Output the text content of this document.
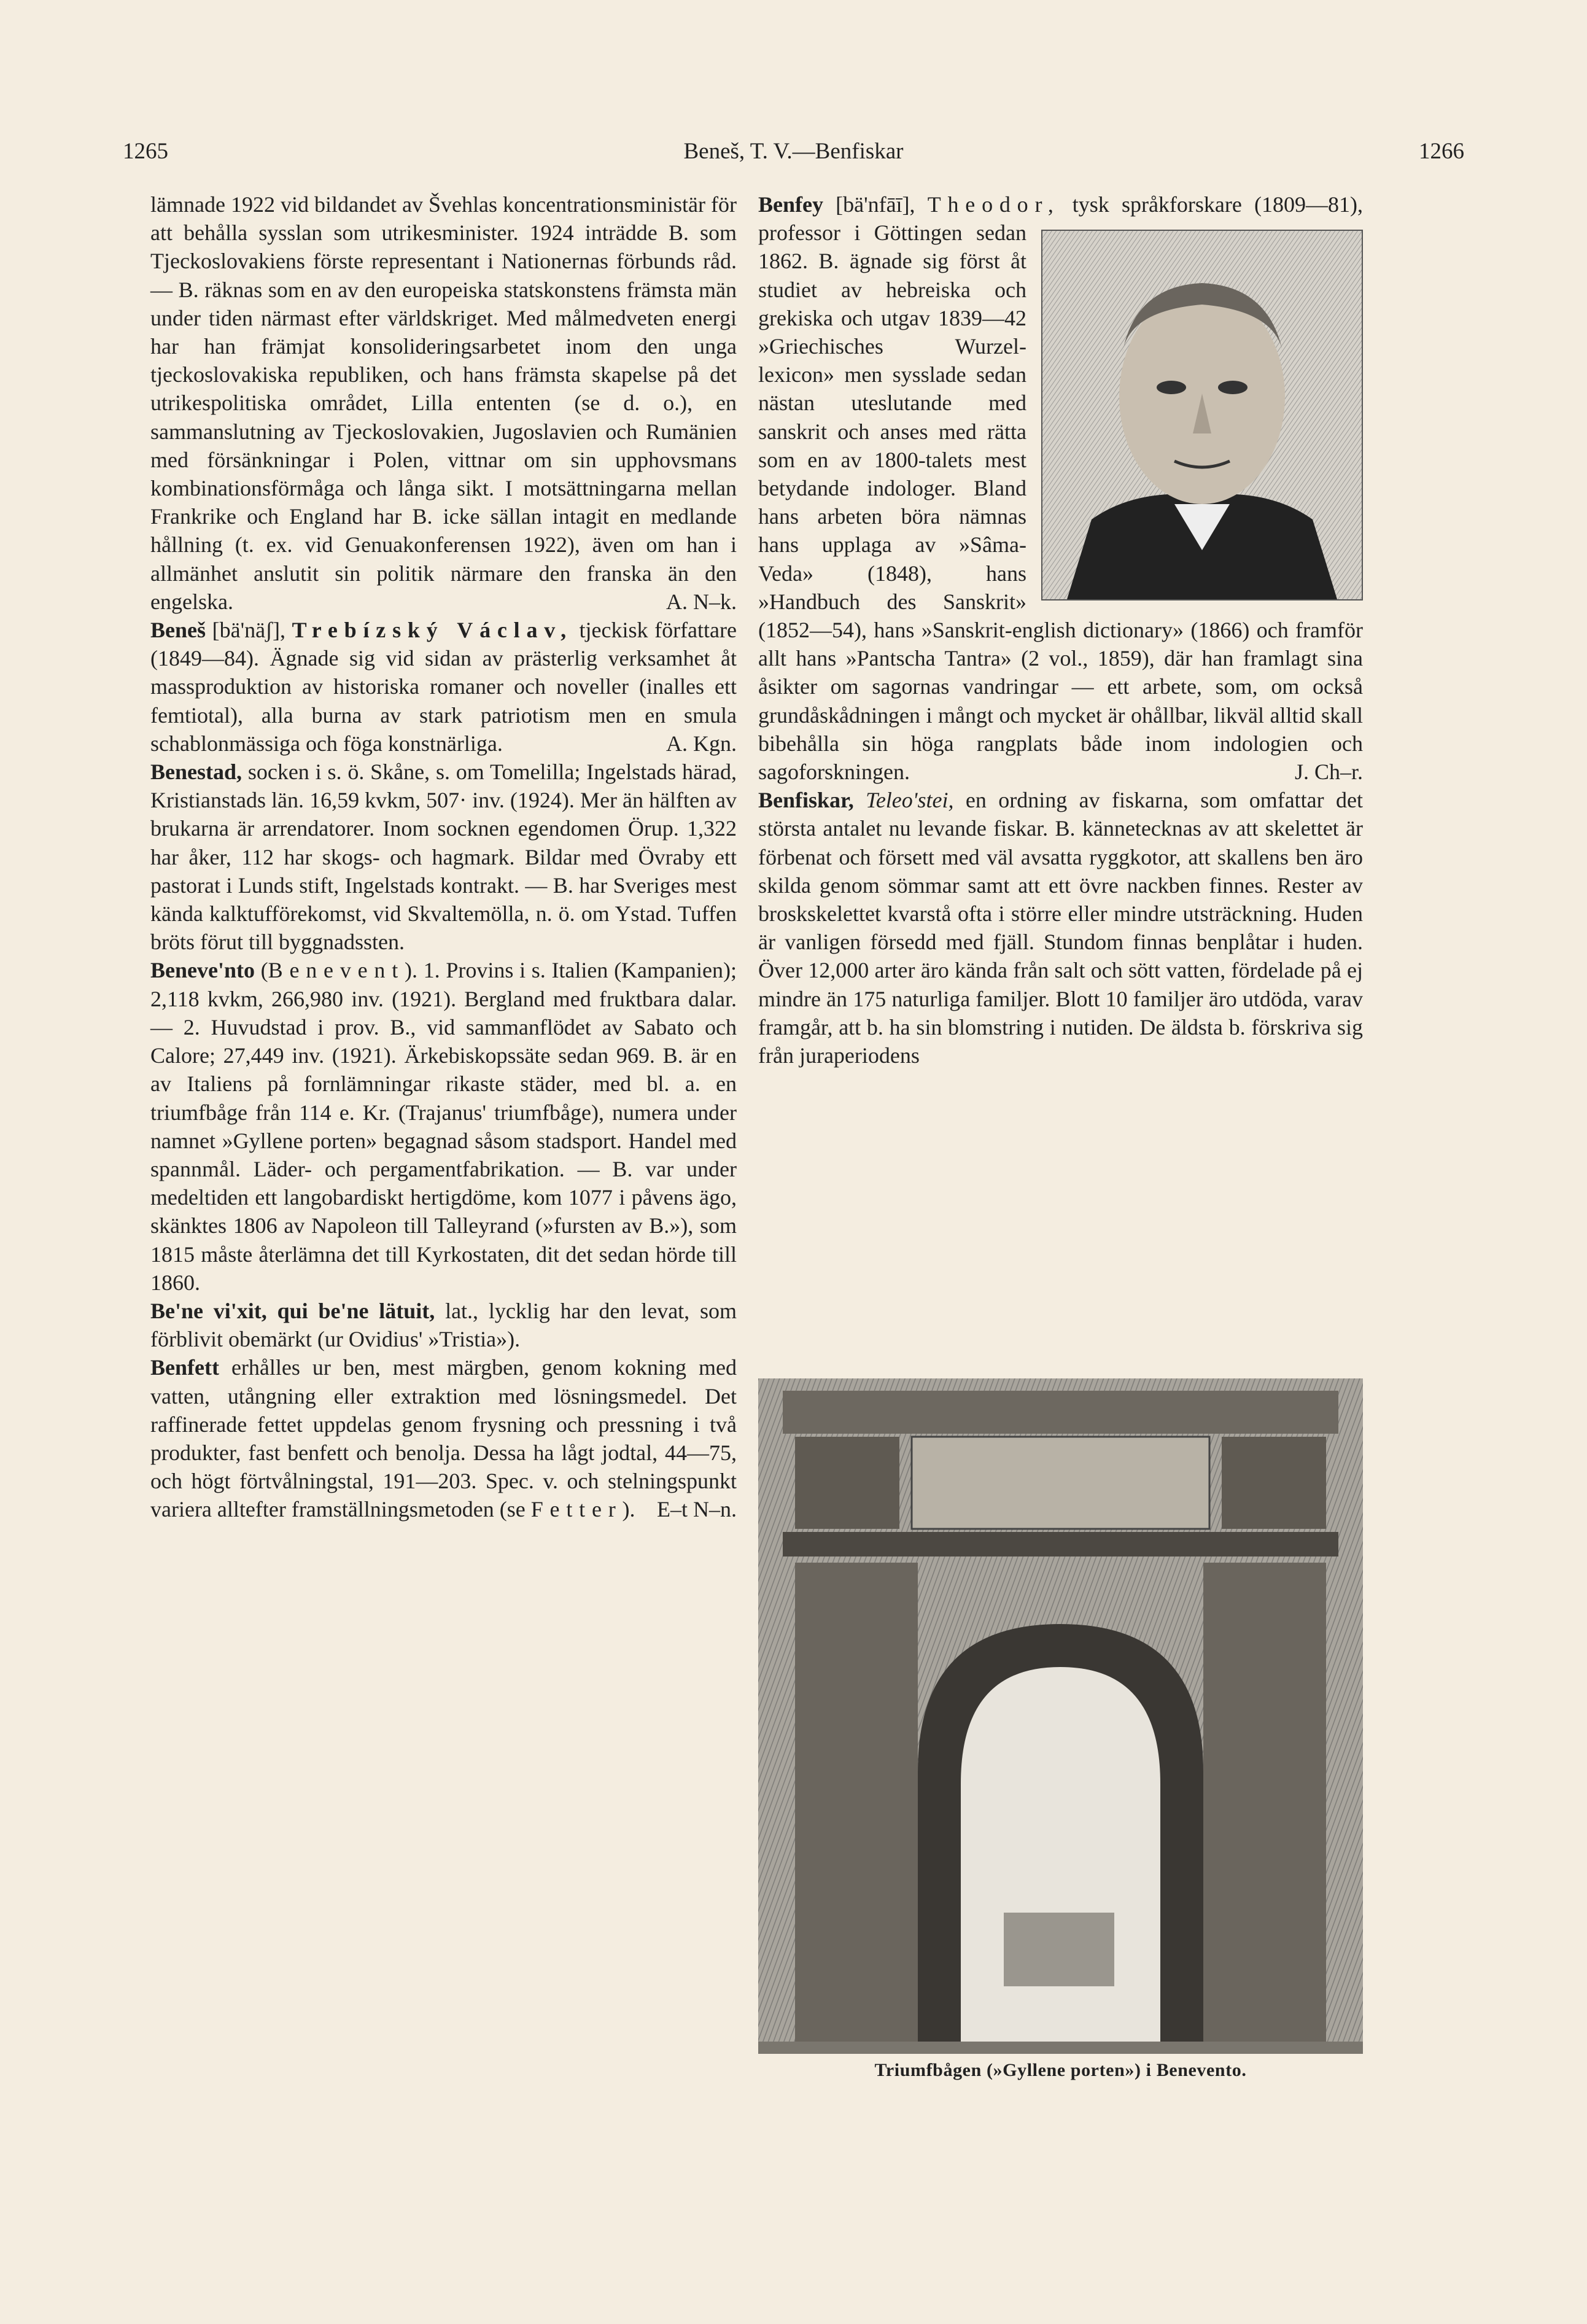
1265	Beneš, T. V.—Benfiskar	1266

lämnade 1922 vid bildandet av Švehlas koncentrationsministär för att behålla sysslan som utrikesminister. 1924 inträdde B. som Tjeckoslovakiens förste representant i Nationernas förbunds råd. — B. räknas som en av den europeiska statskonstens främsta män under tiden närmast efter världskriget. Med målmedveten energi har han främjat konsolideringsarbetet inom den unga tjeckoslovakiska republiken, och hans främsta skapelse på det utrikespolitiska området, Lilla ententen (se d. o.), en sammanslutning av Tjeckoslovakien, Jugoslavien och Rumänien med försänkningar i Polen, vittnar om sin upphovsmans kombinationsförmåga och långa sikt. I motsättningarna mellan Frankrike och England har B. icke sällan intagit en medlande hållning (t. ex. vid Genuakonferensen 1922), även om han i allmänhet anslutit sin politik närmare den franska än den engelska.	A. N–k.

Beneš [bä'näʃ], Trebízský Václav, tjeckisk författare (1849—84). Ägnade sig vid sidan av prästerlig verksamhet åt massproduktion av historiska romaner och noveller (inalles ett femtiotal), alla burna av stark patriotism men en smula schablonmässiga och föga konstnärliga.	A. Kgn.

Benestad, socken i s. ö. Skåne, s. om Tomelilla; Ingelstads härad, Kristianstads län. 16,59 kvkm, 507· inv. (1924). Mer än hälften av brukarna är arrendatorer. Inom socknen egendomen Örup. 1,322 har åker, 112 har skogs- och hagmark. Bildar med Övraby ett pastorat i Lunds stift, Ingelstads kontrakt. — B. har Sveriges mest kända kalktufförekomst, vid Skvaltemölla, n. ö. om Ystad. Tuffen bröts förut till byggnadssten.

Beneve'nto (Benevent). 1. Provins i s. Italien (Kampanien); 2,118 kvkm, 266,980 inv. (1921). Bergland med fruktbara dalar. — 2. Huvudstad i prov. B., vid sammanflödet av Sabato och Calore; 27,449 inv. (1921). Ärkebiskopssäte sedan 969. B. är en av Italiens på fornlämningar rikaste städer, med bl. a. en triumfbåge från 114 e. Kr. (Trajanus' triumfbåge), numera under namnet »Gyllene porten» begagnad såsom stadsport. Handel med spannmål. Läder- och pergamentfabrikation. — B. var under medeltiden ett langobardiskt hertigdöme, kom 1077 i påvens ägo, skänktes 1806 av Napoleon till Talleyrand (»fursten av B.»), som 1815 måste återlämna det till Kyrkostaten, dit det sedan hörde till 1860.

Be'ne vi'xit, qui be'ne lätuit, lat., lycklig har den levat, som förblivit obemärkt (ur Ovidius' »Tristia»).

Benfett erhålles ur ben, mest märgben, genom kokning med vatten, utångning eller extraktion med lösningsmedel. Det raffinerade fettet uppdelas genom frysning och pressning i två produkter, fast benfett och benolja. Dessa ha lågt jodtal, 44—75, och högt förtvålningstal, 191—203. Spec. v. och stelningspunkt variera alltefter framställningsmetoden (se Fetter). E–t N–n.

Benfey [bä'nfāī], Theodor,
tysk språkforskare (1809—81), professor i Göttingen sedan 1862. B. ägnade sig först åt studiet av hebreiska och grekiska och utgav 1839—42 »Griechisches Wurzel-lexicon» men sysslade sedan nästan uteslutande med sanskrit och anses med rätta som en av 1800-talets mest betydande indologer. Bland hans arbeten böra nämnas hans upplaga av »Sâma-Veda» (1848), hans »Handbuch des Sanskrit» (1852—54), hans »Sanskrit-english dictionary» (1866) och framför allt hans »Pantscha Tantra» (2 vol., 1859), där han framlagt sina åsikter om sagornas vandringar — ett arbete, som, om också grundåskådningen i mångt och mycket är ohållbar, likväl alltid skall bibehålla sin höga rangplats både inom indologien och sagoforskningen.	J. Ch–r.

Benfiskar, Teleo'stei, en ordning av fiskarna, som omfattar det största antalet nu levande fiskar. B. kännetecknas av att skelettet är förbenat och försett med väl avsatta ryggkotor, att skallens ben äro skilda genom sömmar samt att ett övre nackben finnes. Rester av broskskelettet kvarstå ofta i större eller mindre utsträckning. Huden är vanligen försedd med fjäll. Stundom finnas benplåtar i huden. Över 12,000 arter äro kända från salt och sött vatten, fördelade på ej mindre än 175 naturliga familjer. Blott 10 familjer äro utdöda, varav framgår, att b. ha sin blomstring i nutiden. De äldsta b. förskriva sig från juraperiodens

Triumfbågen (»Gyllene porten») i Benevento.
